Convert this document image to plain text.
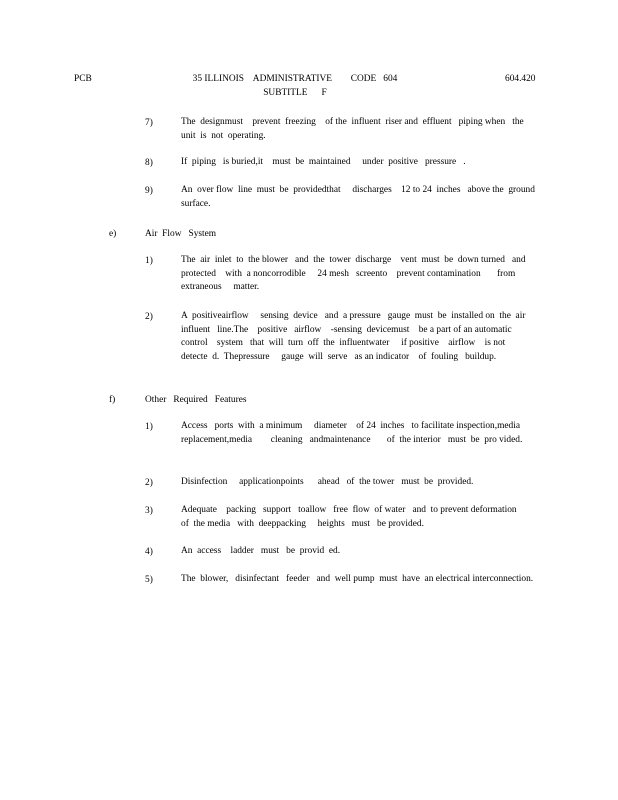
PCB	35 ILLINOIS    ADMINISTRATIVE        CODE   604
SUBTITLE      F
604.420
7)	The  designmust    prevent  freezing    of the  influent  riser and  effluent   piping when   the  unit  is  not  operating.
8)	If  piping   is buried,it    must  be  maintained     under  positive   pressure   .
9)	An  over flow  line  must  be  providedthat     discharges    12 to 24  inches   above the  ground   surface.
e)	Air  Flow   System
1)	The  air  inlet  to  the blower   and  the  tower  discharge    vent  must  be  down turned   and  protected    with  a noncorrodible     24 mesh   screento    prevent contamination       from    extraneous     matter.
2)	A  positiveairflow     sensing  device   and  a pressure   gauge  must  be  installed on  the  air  influent   line.The    positive   airflow    -sensing  devicemust    be a part of an automatic    control    system   that  will  turn  off  the  influentwater     if positive    airflow    is not  detecte  d.  Thepressure     gauge  will  serve   as an indicator    of  fouling   buildup.
f)	Other   Required   Features
1)	Access   ports  with  a minimum     diameter    of 24  inches   to facilitate inspection,media       replacement,media        cleaning   andmaintenance       of  the interior   must  be  pro vided.
2)	Disinfection     applicationpoints      ahead   of  the tower   must  be  provided.
3)	Adequate    packing   support   toallow   free  flow  of water   and  to prevent deformation      of  the media   with  deeppacking     heights   must   be provided.
4)	An  access    ladder   must   be  provid  ed.
5)	The  blower,   disinfectant   feeder   and  well pump  must  have  an electrical interconnection.
